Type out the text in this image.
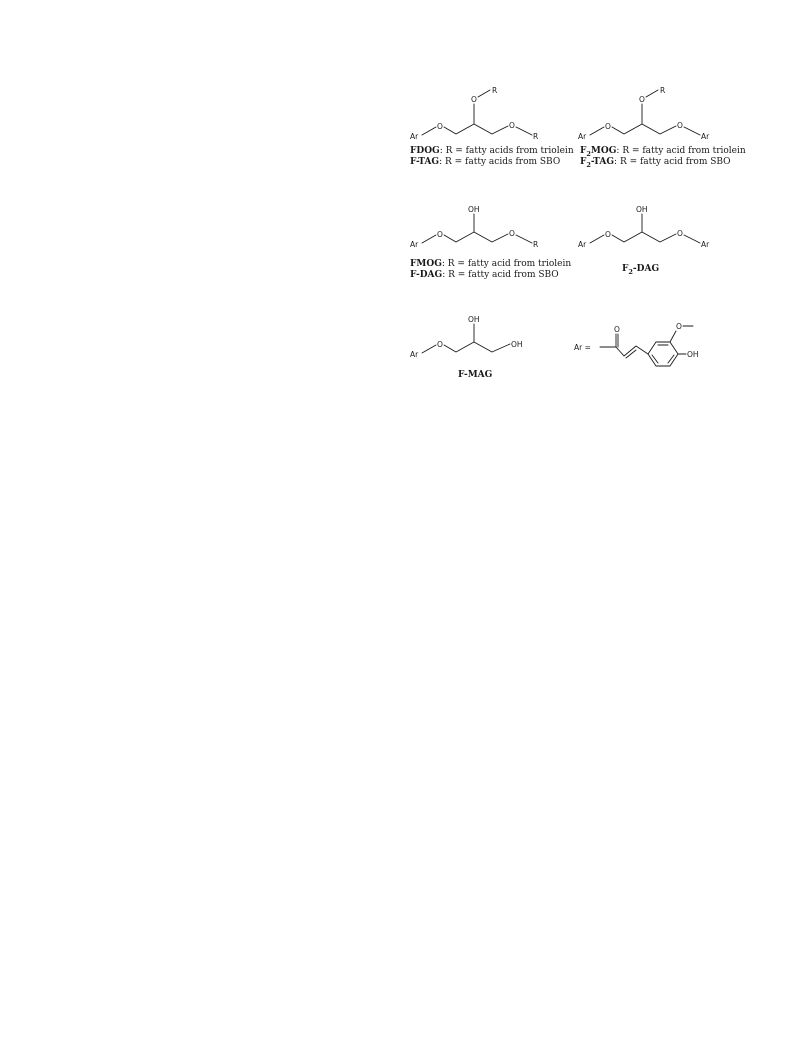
Ar
O
O
R
O
R
FDOG: R = fatty acids from triolein
F-TAG: R = fatty acids from SBO
Ar
O
O
R
O
Ar
$F_2MOG$: R = fatty acid from triolein
$F_2$-TAG: R = fatty acid from SBO
Ar
O
OH
O
R
FMOG: R = fatty acid from triolein
F-DAG: R = fatty acid from SBO
Ar
O
OH
O
Ar
$F_2$-DAG
Ar
O
OH
OH
F-MAG
Ar =
O	O
OH
